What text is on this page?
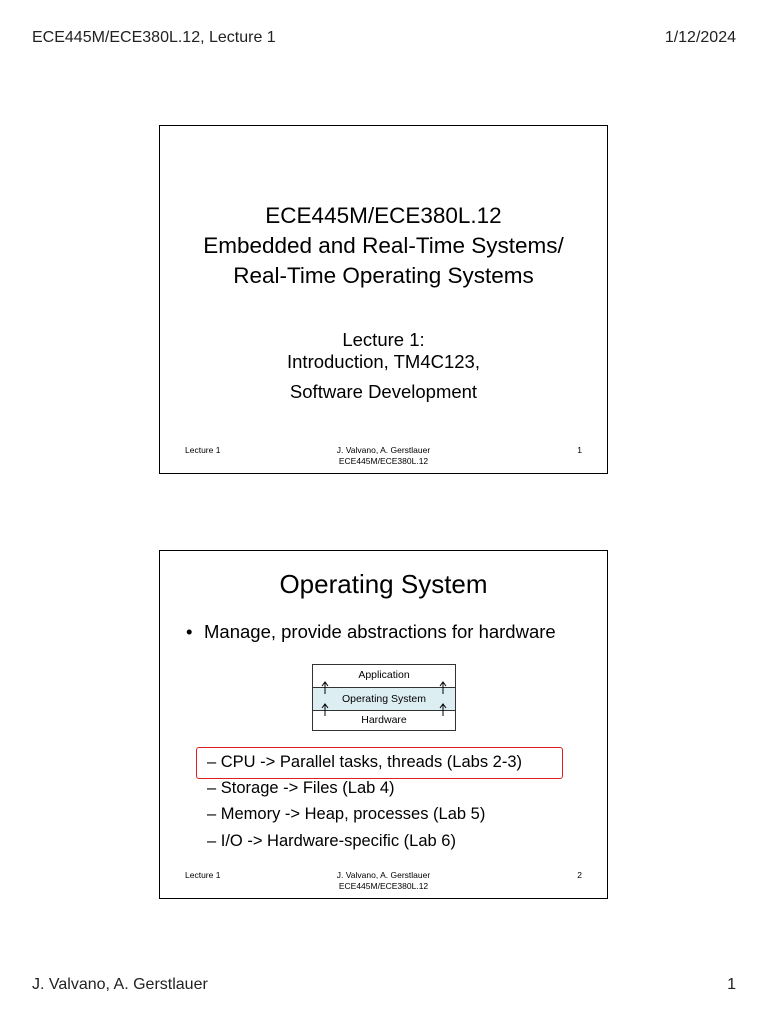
ECE445M/ECE380L.12, Lecture 1	1/12/2024
ECE445M/ECE380L.12
Embedded and Real-Time Systems/
Real-Time Operating Systems
Lecture 1:
Introduction, TM4C123,
Software Development
Lecture 1	J. Valvano, A. Gerstlauer
ECE445M/ECE380L.12
1
Operating System
• Manage, provide abstractions for hardware
Application
Operating System
Hardware
– CPU -> Parallel tasks, threads (Labs 2-3)
– Storage -> Files (Lab 4)
– Memory -> Heap, processes (Lab 5)
– I/O -> Hardware-specific (Lab 6)
Lecture 1	J. Valvano, A. Gerstlauer
ECE445M/ECE380L.12
2
J. Valvano, A. Gerstlauer	1
